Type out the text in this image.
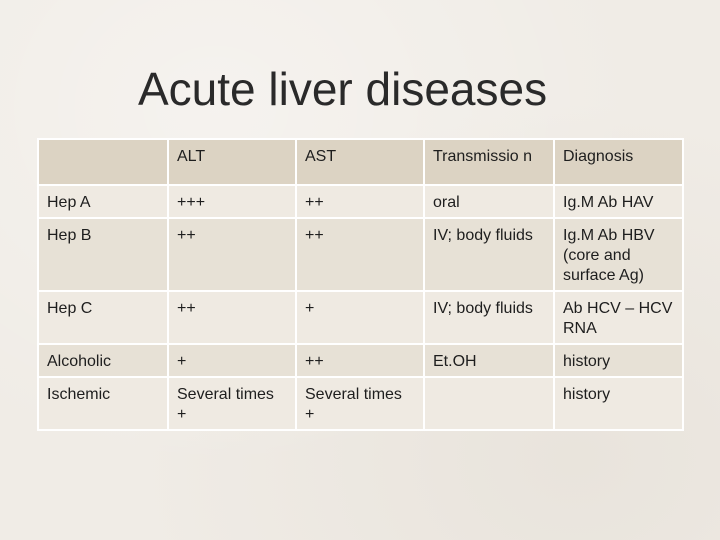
Acute liver diseases
	ALT	AST	Transmissio n	Diagnosis
Hep A	+++	++	oral	Ig.M Ab HAV
Hep B	++	++	IV; body fluids	Ig.M Ab HBV (core and surface Ag)
Hep C	++	+	IV; body fluids	Ab HCV – HCV RNA
Alcoholic	+	++	Et.OH	history
Ischemic	Several times +	Several times +		history
